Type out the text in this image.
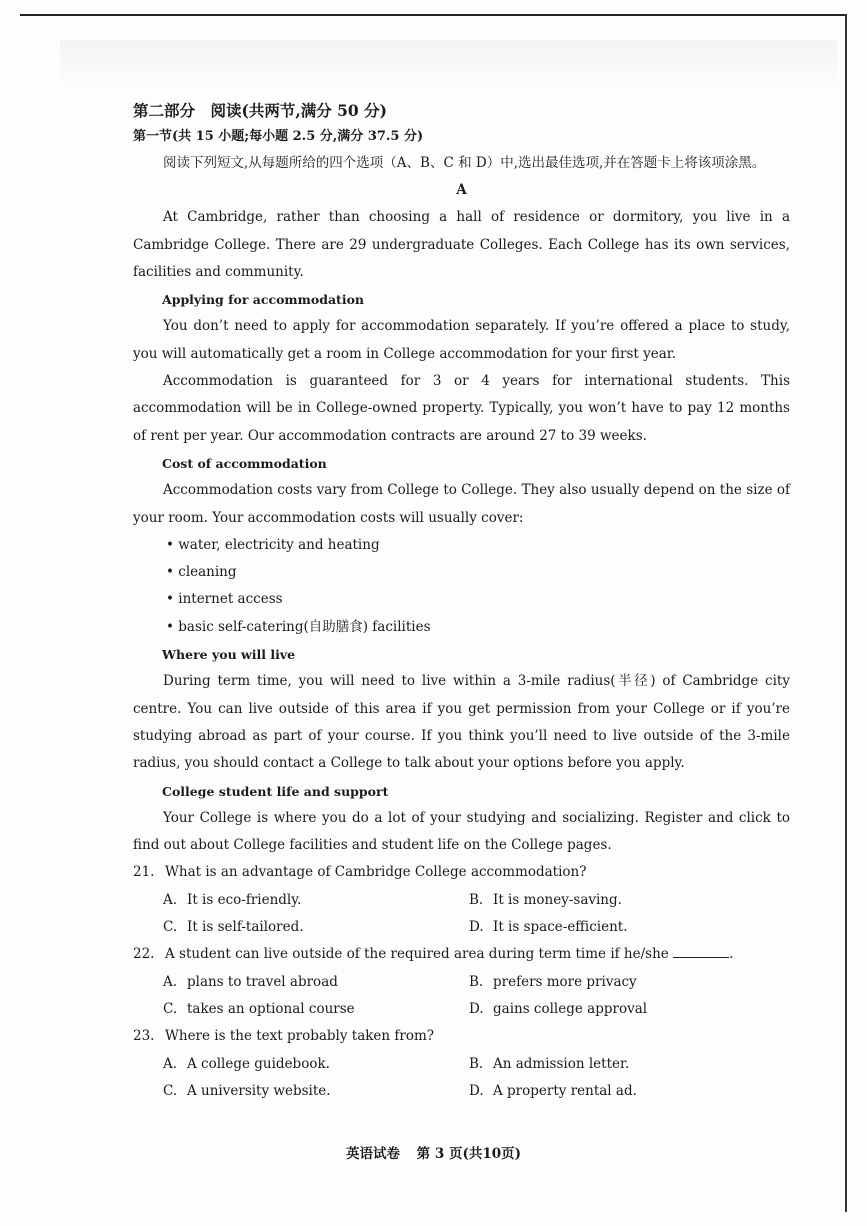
第二部分　阅读(共两节,满分 50 分)
第一节(共 15 小题;每小题 2.5 分,满分 37.5 分)

阅读下列短文,从每题所给的四个选项（A、B、C 和 D）中,选出最佳选项,并在答题卡上将该项涂黑。

A

At Cambridge, rather than choosing a hall of residence or dormitory, you live in a Cambridge College. There are 29 undergraduate Colleges. Each College has its own services, facilities and community.

Applying for accommodation

You don’t need to apply for accommodation separately. If you’re offered a place to study, you will automatically get a room in College accommodation for your first year.

Accommodation is guaranteed for 3 or 4 years for international students. This accommodation will be in College-owned property. Typically, you won’t have to pay 12 months of rent per year. Our accommodation contracts are around 27 to 39 weeks.

Cost of accommodation

Accommodation costs vary from College to College. They also usually depend on the size of your room. Your accommodation costs will usually cover:

• water, electricity and heating

• cleaning

• internet access

• basic self-catering(自助膳食) facilities

Where you will live

During term time, you will need to live within a 3-mile radius(半径) of Cambridge city centre. You can live outside of this area if you get permission from your College or if you’re studying abroad as part of your course. If you think you’ll need to live outside of the 3-mile radius, you should contact a College to talk about your options before you apply.

College student life and support

Your College is where you do a lot of your studying and socializing. Register and click to find out about College facilities and student life on the College pages.

21. What is an advantage of Cambridge College accommodation?
A. It is eco-friendly.	B. It is money-saving.
C. It is self-tailored.	D. It is space-efficient.
22. A student can live outside of the required area during term time if he/she	.
A. plans to travel abroad	B. prefers more privacy
C. takes an optional course	D. gains college approval
23. Where is the text probably taken from?
A. A college guidebook.	B. An admission letter.
C. A university website.	D. A property rental ad.
英语试卷 第 3 页(共10页)
